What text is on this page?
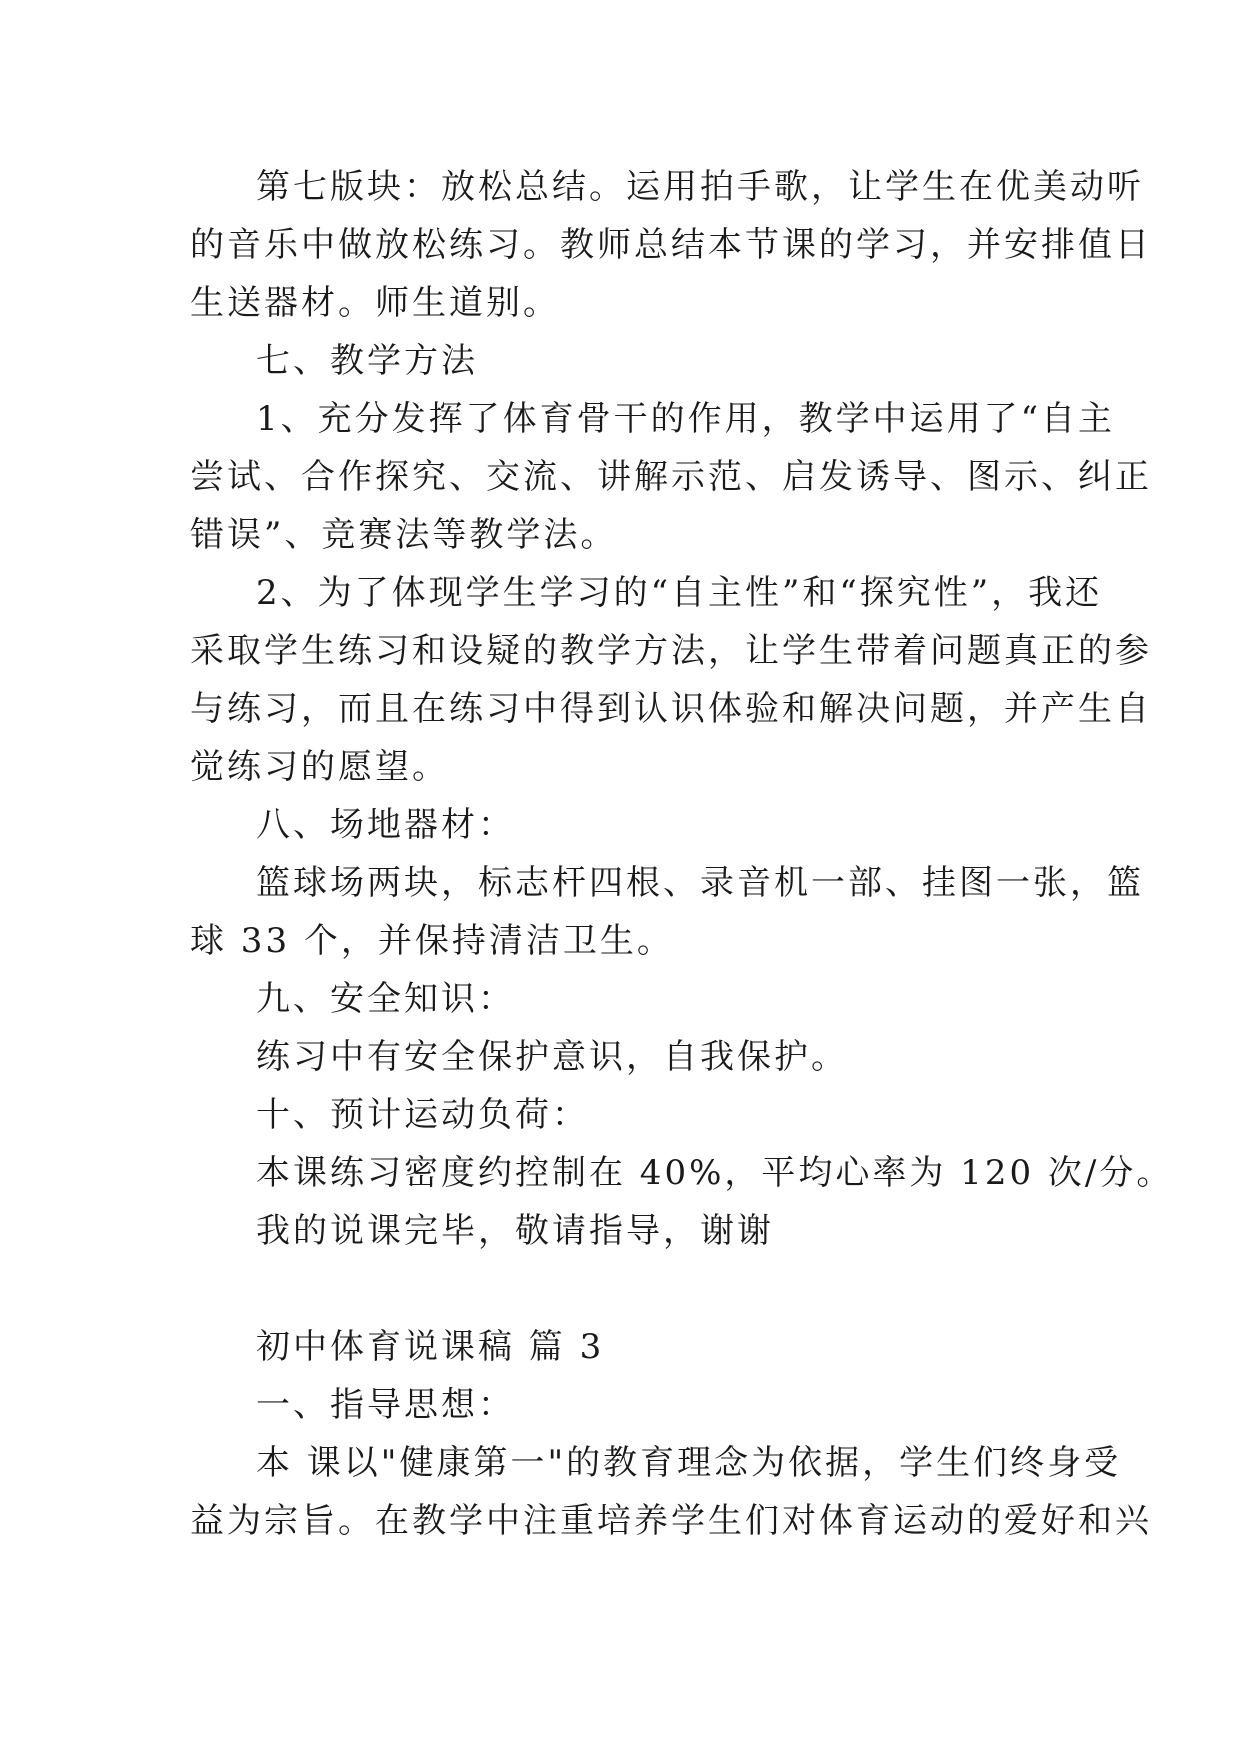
第七版块：放松总结。运用拍手歌，让学生在优美动听
的音乐中做放松练习。教师总结本节课的学习，并安排值日
生送器材。师生道别。
七、教学方法
1、充分发挥了体育骨干的作用，教学中运用了“自主
尝试、合作探究、交流、讲解示范、启发诱导、图示、纠正
错误”、竞赛法等教学法。
2、为了体现学生学习的“自主性”和“探究性”，我还
采取学生练习和设疑的教学方法，让学生带着问题真正的参
与练习，而且在练习中得到认识体验和解决问题，并产生自
觉练习的愿望。
八、场地器材：
篮球场两块，标志杆四根、录音机一部、挂图一张，篮
球 33 个，并保持清洁卫生。
九、安全知识：
练习中有安全保护意识，自我保护。
十、预计运动负荷：
本课练习密度约控制在 40%，平均心率为 120 次/分。
我的说课完毕，敬请指导，谢谢
初中体育说课稿 篇 3
一、指导思想：
本 课以"健康第一"的教育理念为依据，学生们终身受
益为宗旨。在教学中注重培养学生们对体育运动的爱好和兴
